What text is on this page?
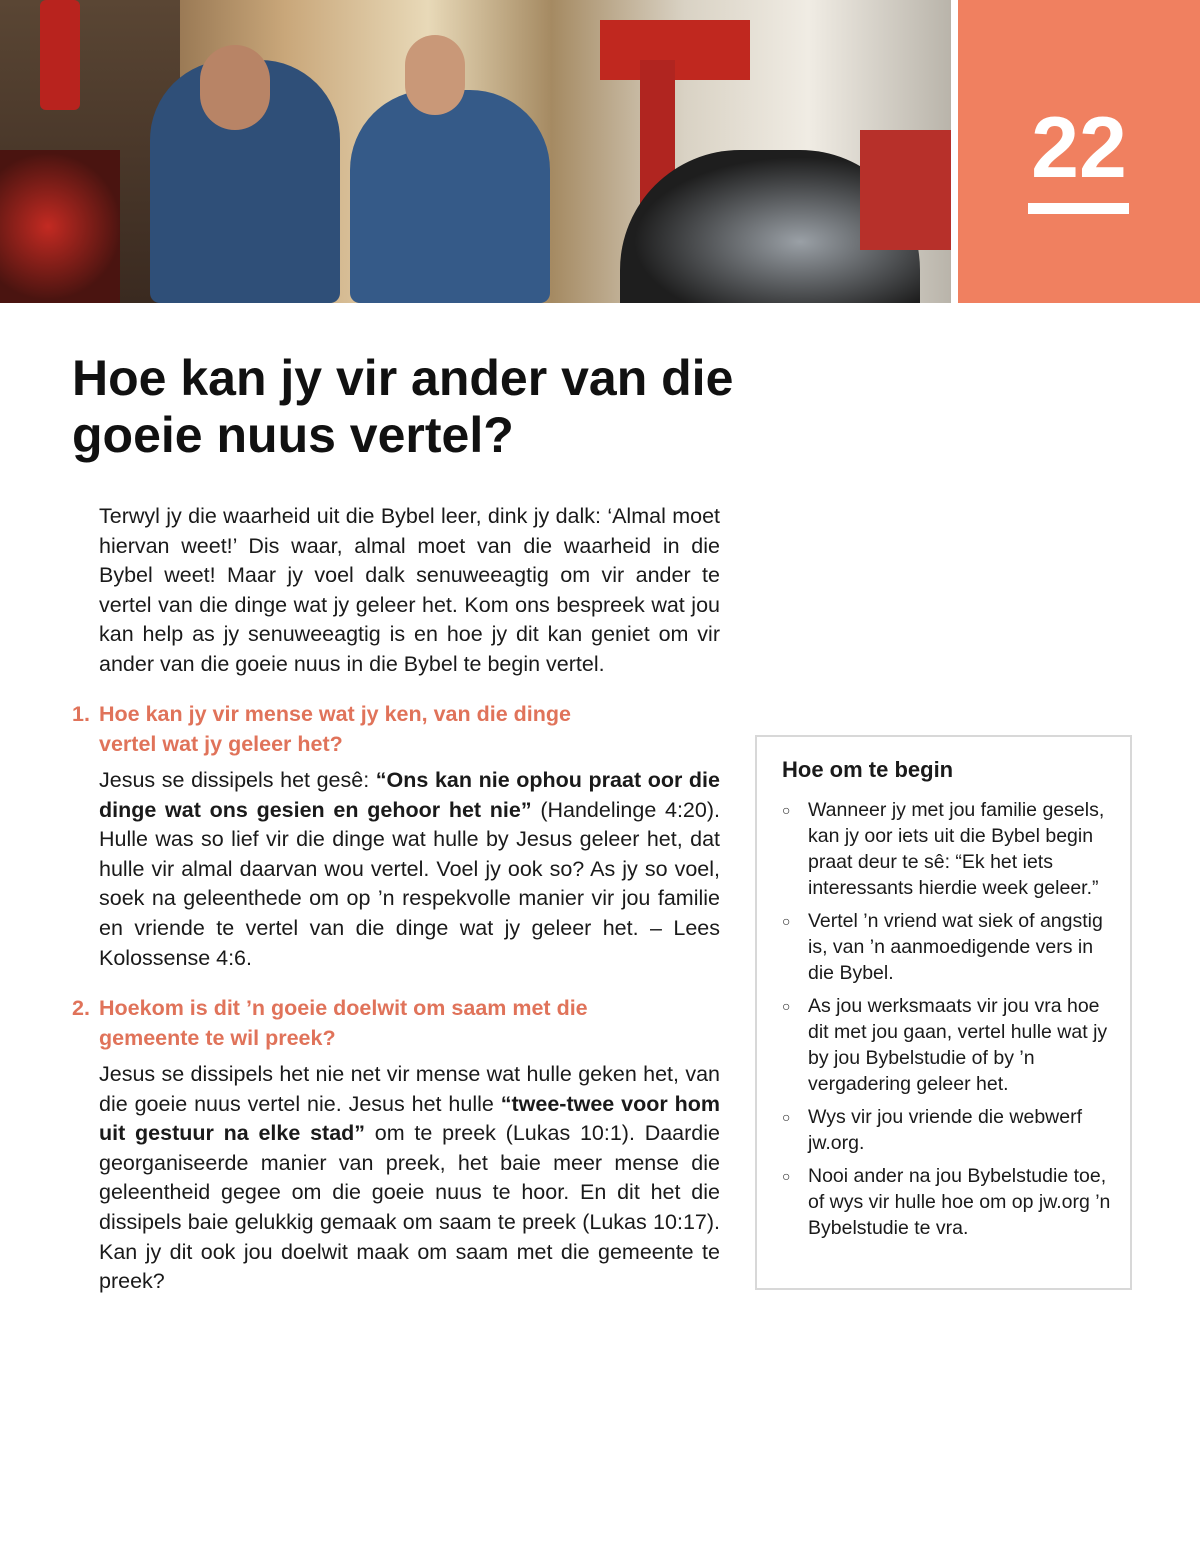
22
Hoe kan jy vir ander van die goeie nuus vertel?
Terwyl jy die waarheid uit die Bybel leer, dink jy dalk: ‘Almal moet hiervan weet!’ Dis waar, almal moet van die waarheid in die Bybel weet! Maar jy voel dalk senuweeagtig om vir ander te vertel van die dinge wat jy geleer het. Kom ons bespreek wat jou kan help as jy senuweeagtig is en hoe jy dit kan geniet om vir ander van die goeie nuus in die Bybel te begin vertel.
1. Hoe kan jy vir mense wat jy ken, van die dinge
vertel wat jy geleer het?
Jesus se dissipels het gesê: “Ons kan nie ophou praat oor die dinge wat ons gesien en gehoor het nie” (Handelinge 4:20). Hulle was so lief vir die dinge wat hulle by Jesus geleer het, dat hulle vir almal daarvan wou vertel. Voel jy ook so? As jy so voel, soek na geleenthede om op ’n respekvolle manier vir jou familie en vriende te vertel van die dinge wat jy geleer het. – Lees Kolossense 4:6.
2. Hoekom is dit ’n goeie doelwit om saam met die
gemeente te wil preek?
Jesus se dissipels het nie net vir mense wat hulle geken het, van die goeie nuus vertel nie. Jesus het hulle “twee-twee voor hom uit gestuur na elke stad” om te preek (Lukas 10:1). Daardie georganiseerde manier van preek, het baie meer mense die geleentheid gegee om die goeie nuus te hoor. En dit het die dissipels baie gelukkig gemaak om saam te preek (Lukas 10:17). Kan jy dit ook jou doelwit maak om saam met die gemeente te preek?
Hoe om te begin
○ Wanneer jy met jou familie gesels, kan jy oor iets uit die Bybel begin praat deur te sê: “Ek het iets interessants hierdie week geleer.”
○ Vertel ’n vriend wat siek of angstig is, van ’n aanmoedigende vers in die Bybel.
○ As jou werksmaats vir jou vra hoe dit met jou gaan, vertel hulle wat jy by jou Bybelstudie of by ’n vergadering geleer het.
○ Wys vir jou vriende die webwerf jw.org.
○ Nooi ander na jou Bybelstudie toe, of wys vir hulle hoe om op jw.org ’n Bybelstudie te vra.
